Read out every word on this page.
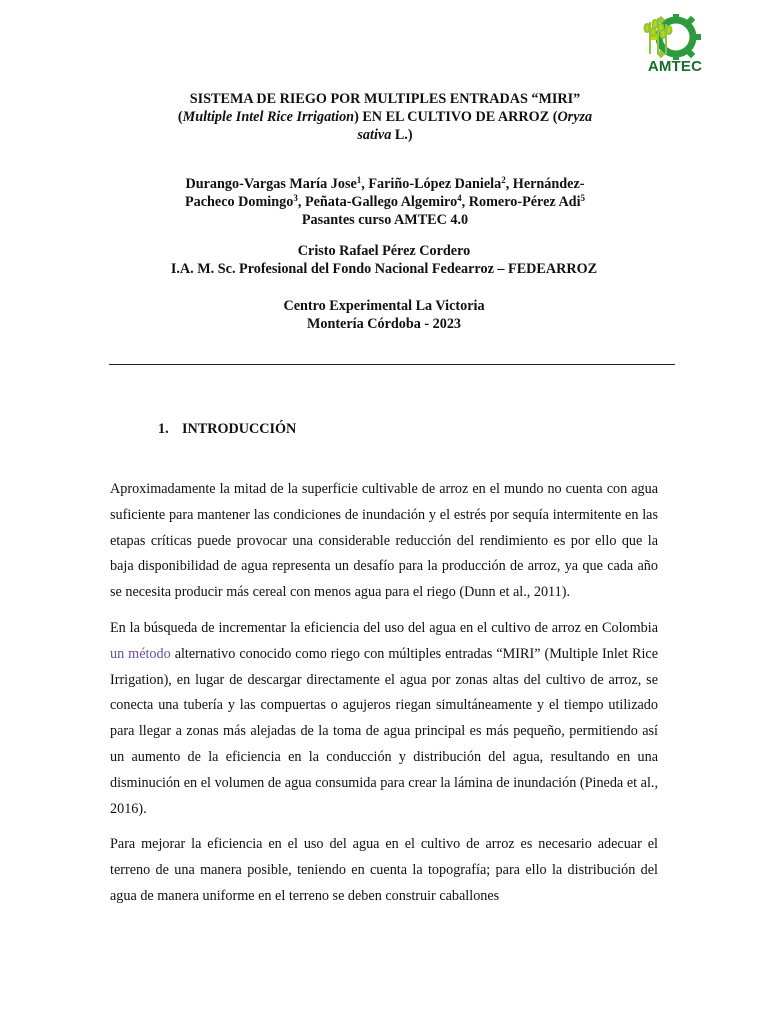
AMTEC
SISTEMA DE RIEGO POR MULTIPLES ENTRADAS “MIRI”
(Multiple Intel Rice Irrigation) EN EL CULTIVO DE ARROZ (Oryza
sativa L.)
Durango-Vargas María Jose$^1$, Fariño-López Daniela$^2$, Hernández-
Pacheco Domingo$^3$, Peñata-Gallego Algemiro$^4$, Romero-Pérez Adi$^5$
Pasantes curso AMTEC 4.0
Cristo Rafael Pérez Cordero
I.A. M. Sc. Profesional del Fondo Nacional Fedearroz – FEDEARROZ
Centro Experimental La Victoria
Montería Córdoba - 2023
1. INTRODUCCIÓN

Aproximadamente la mitad de la superficie cultivable de arroz en el mundo no cuenta con agua suficiente para mantener las condiciones de inundación y el estrés por sequía intermitente en las etapas críticas puede provocar una considerable reducción del rendimiento es por ello que la baja disponibilidad de agua representa un desafío para la producción de arroz, ya que cada año se necesita producir más cereal con menos agua para el riego (Dunn et al., 2011).

En la búsqueda de incrementar la eficiencia del uso del agua en el cultivo de arroz en Colombia un método alternativo conocido como riego con múltiples entradas “MIRI” (Multiple Inlet Rice Irrigation), en lugar de descargar directamente el agua por zonas altas del cultivo de arroz, se conecta una tubería y las compuertas o agujeros riegan simultáneamente y el tiempo utilizado para llegar a zonas más alejadas de la toma de agua principal es más pequeño, permitiendo así un aumento de la eficiencia en la conducción y distribución del agua, resultando en una disminución en el volumen de agua consumida para crear la lámina de inundación (Pineda et al., 2016).

Para mejorar la eficiencia en el uso del agua en el cultivo de arroz es necesario adecuar el terreno de una manera posible, teniendo en cuenta la topografía; para ello la distribución del agua de manera uniforme en el terreno se deben construir caballones
